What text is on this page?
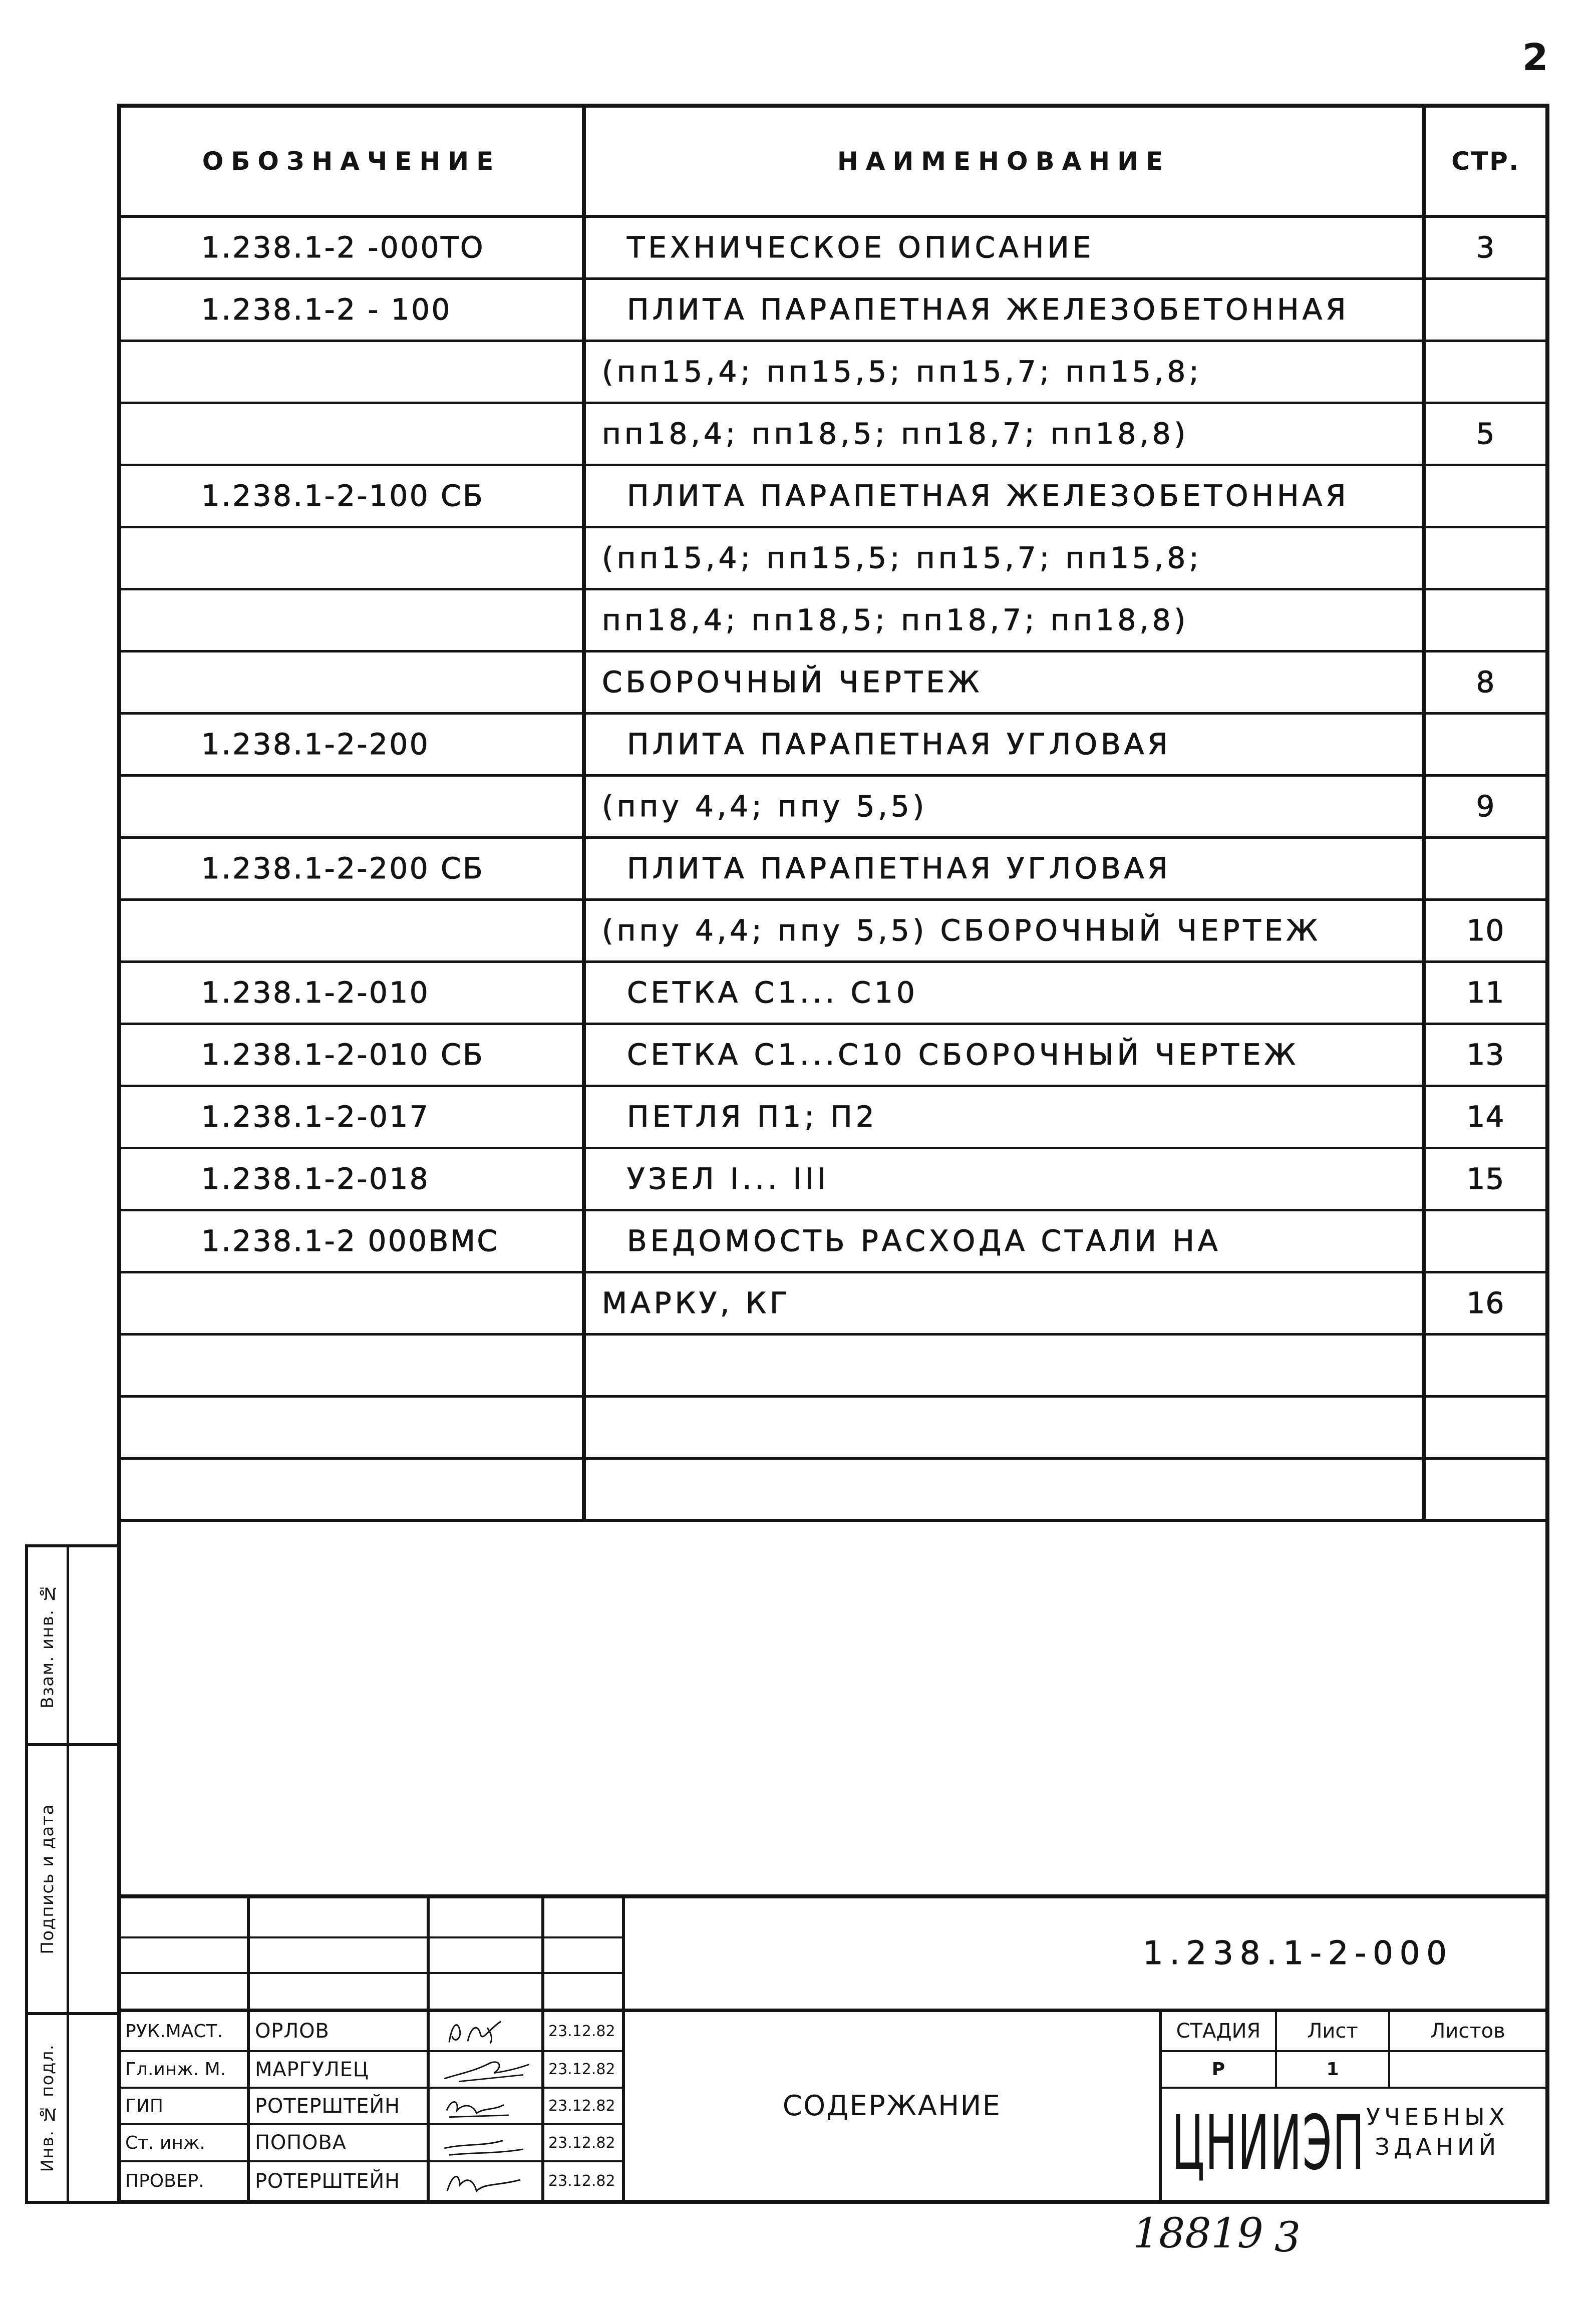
2
ОБОЗНАЧЕНИЕ	НАИМЕНОВАНИЕ	СТР.
1.238.1-2 -000ТО	ТЕХНИЧЕСКОЕ ОПИСАНИЕ	3
1.238.1-2 - 100	ПЛИТА ПАРАПЕТНАЯ ЖЕЛЕЗОБЕТОННАЯ	
	(пп15,4; пп15,5; пп15,7; пп15,8;	
	пп18,4; пп18,5; пп18,7; пп18,8)	5
1.238.1-2-100 СБ	ПЛИТА ПАРАПЕТНАЯ ЖЕЛЕЗОБЕТОННАЯ	
	(пп15,4; пп15,5; пп15,7; пп15,8;	
	пп18,4; пп18,5; пп18,7; пп18,8)	
	СБОРОЧНЫЙ ЧЕРТЕЖ	8
1.238.1-2-200	ПЛИТА ПАРАПЕТНАЯ УГЛОВАЯ	
	(ппу 4,4; ппу 5,5)	9
1.238.1-2-200 СБ	ПЛИТА ПАРАПЕТНАЯ УГЛОВАЯ	
	(ппу 4,4; ппу 5,5) СБОРОЧНЫЙ ЧЕРТЕЖ	10
1.238.1-2-010	СЕТКА С1... С10	11
1.238.1-2-010 СБ	СЕТКА С1...С10 СБОРОЧНЫЙ ЧЕРТЕЖ	13
1.238.1-2-017	ПЕТЛЯ П1; П2	14
1.238.1-2-018	УЗЕЛ I... III	15
1.238.1-2 000ВМС	ВЕДОМОСТЬ РАСХОДА СТАЛИ НА	
	МАРКУ, КГ	16

РУК.МАСТ.	ОРЛОВ	23.12.82
Гл.инж. М.	МАРГУЛЕЦ	23.12.82
ГИП	РОТЕРШТЕЙН	23.12.82
Ст. инж.	ПОПОВА	23.12.82
ПРОВЕР.	РОТЕРШТЕЙН	23.12.82
1.238.1-2-000
СОДЕРЖАНИЕ
СТАДИЯ	Лист	Листов
Р	1
ЦНИИЭП УЧЕБНЫХ
ЗДАНИЙ
Взам. инв. №
Подпись и дата
Инв. № подл.
18819 3
